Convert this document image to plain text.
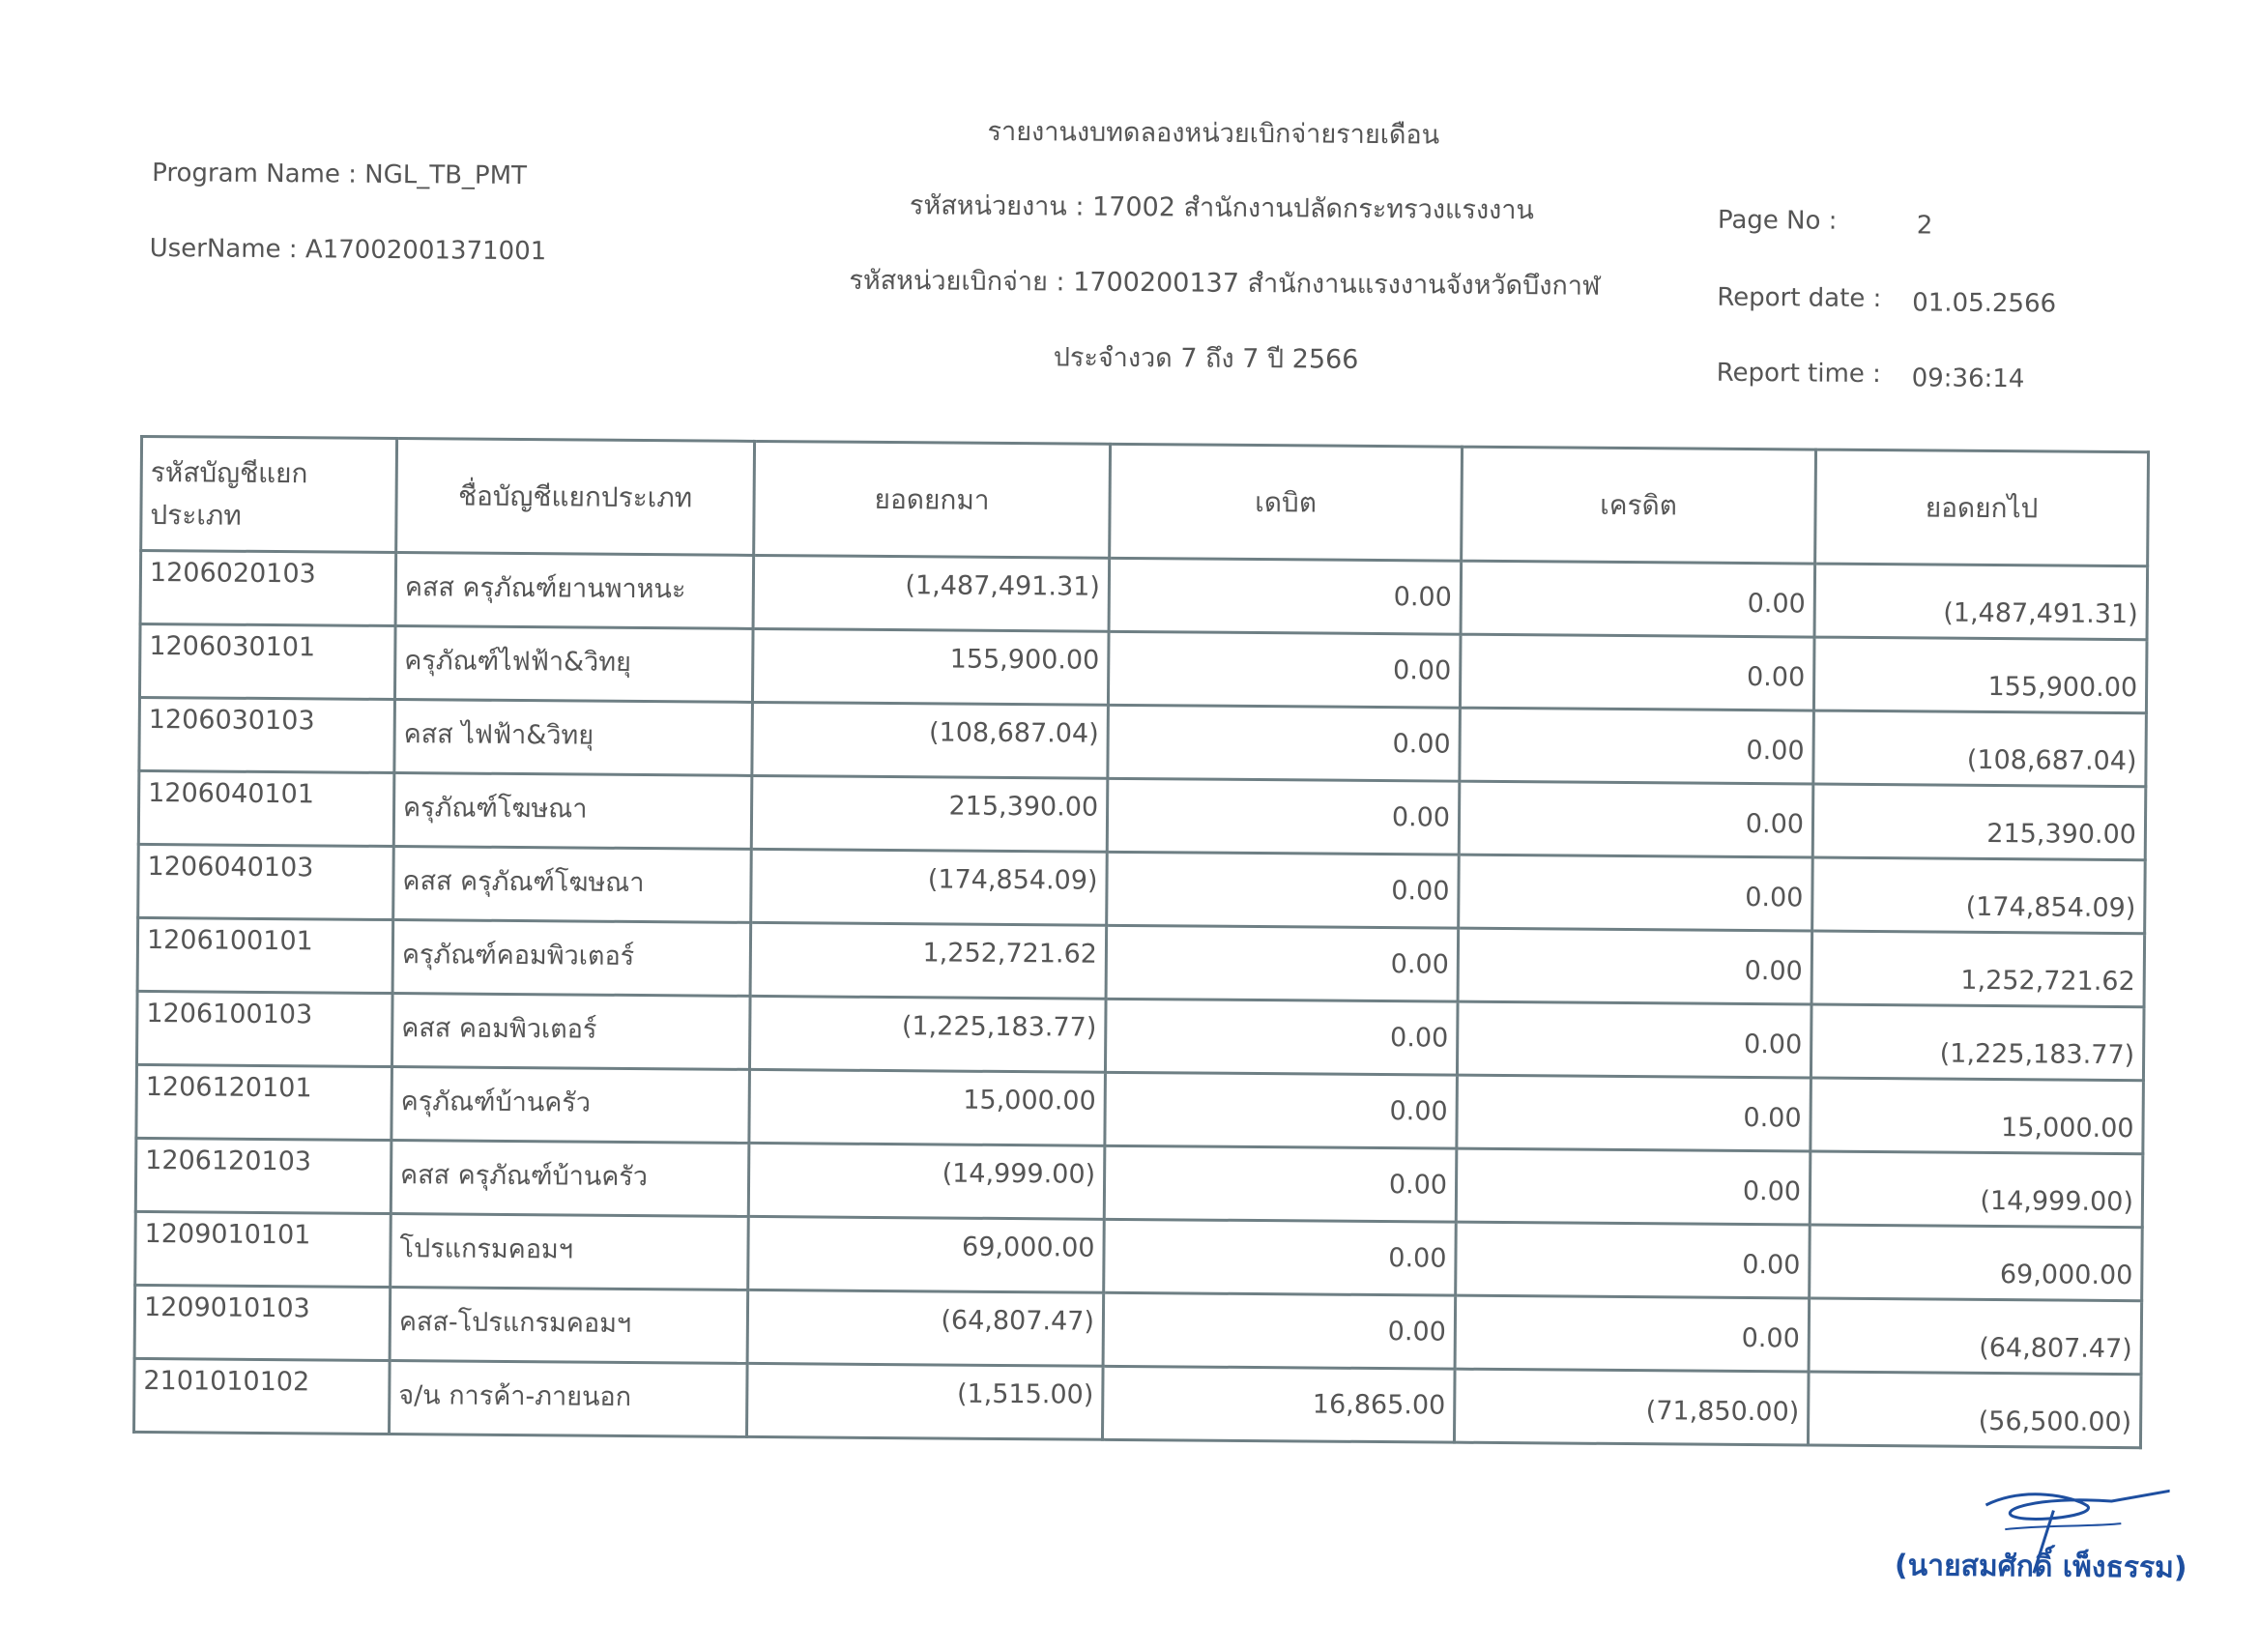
รายงานงบทดลองหน่วยเบิกจ่ายรายเดือน
รหัสหน่วยงาน : 17002 สำนักงานปลัดกระทรวงแรงงาน
รหัสหน่วยเบิกจ่าย : 1700200137 สำนักงานแรงงานจังหวัดบึงกาฬ
ประจำงวด 7 ถึง 7 ปี 2566
Program Name : NGL_TB_PMT
UserName : A17002001371001
Page No :	2
Report date : 01.05.2566
Report time : 09:36:14
รหัสบัญชีแยกประเภท	ชื่อบัญชีแยกประเภท	ยอดยกมา	เดบิต	เครดิต	ยอดยกไป
1206020103	คสส ครุภัณฑ์ยานพาหนะ	(1,487,491.31)	0.00	0.00	(1,487,491.31)
1206030101	ครุภัณฑ์ไฟฟ้า&วิทยุ	155,900.00	0.00	0.00	155,900.00
1206030103	คสส ไฟฟ้า&วิทยุ	(108,687.04)	0.00	0.00	(108,687.04)
1206040101	ครุภัณฑ์โฆษณา	215,390.00	0.00	0.00	215,390.00
1206040103	คสส ครุภัณฑ์โฆษณา	(174,854.09)	0.00	0.00	(174,854.09)
1206100101	ครุภัณฑ์คอมพิวเตอร์	1,252,721.62	0.00	0.00	1,252,721.62
1206100103	คสส คอมพิวเตอร์	(1,225,183.77)	0.00	0.00	(1,225,183.77)
1206120101	ครุภัณฑ์บ้านครัว	15,000.00	0.00	0.00	15,000.00
1206120103	คสส ครุภัณฑ์บ้านครัว	(14,999.00)	0.00	0.00	(14,999.00)
1209010101	โปรแกรมคอมฯ	69,000.00	0.00	0.00	69,000.00
1209010103	คสส-โปรแกรมคอมฯ	(64,807.47)	0.00	0.00	(64,807.47)
2101010102	จ/น การค้า-ภายนอก	(1,515.00)	16,865.00	(71,850.00)	(56,500.00)
(นายสมศักดิ์ เพ็งธรรม)
